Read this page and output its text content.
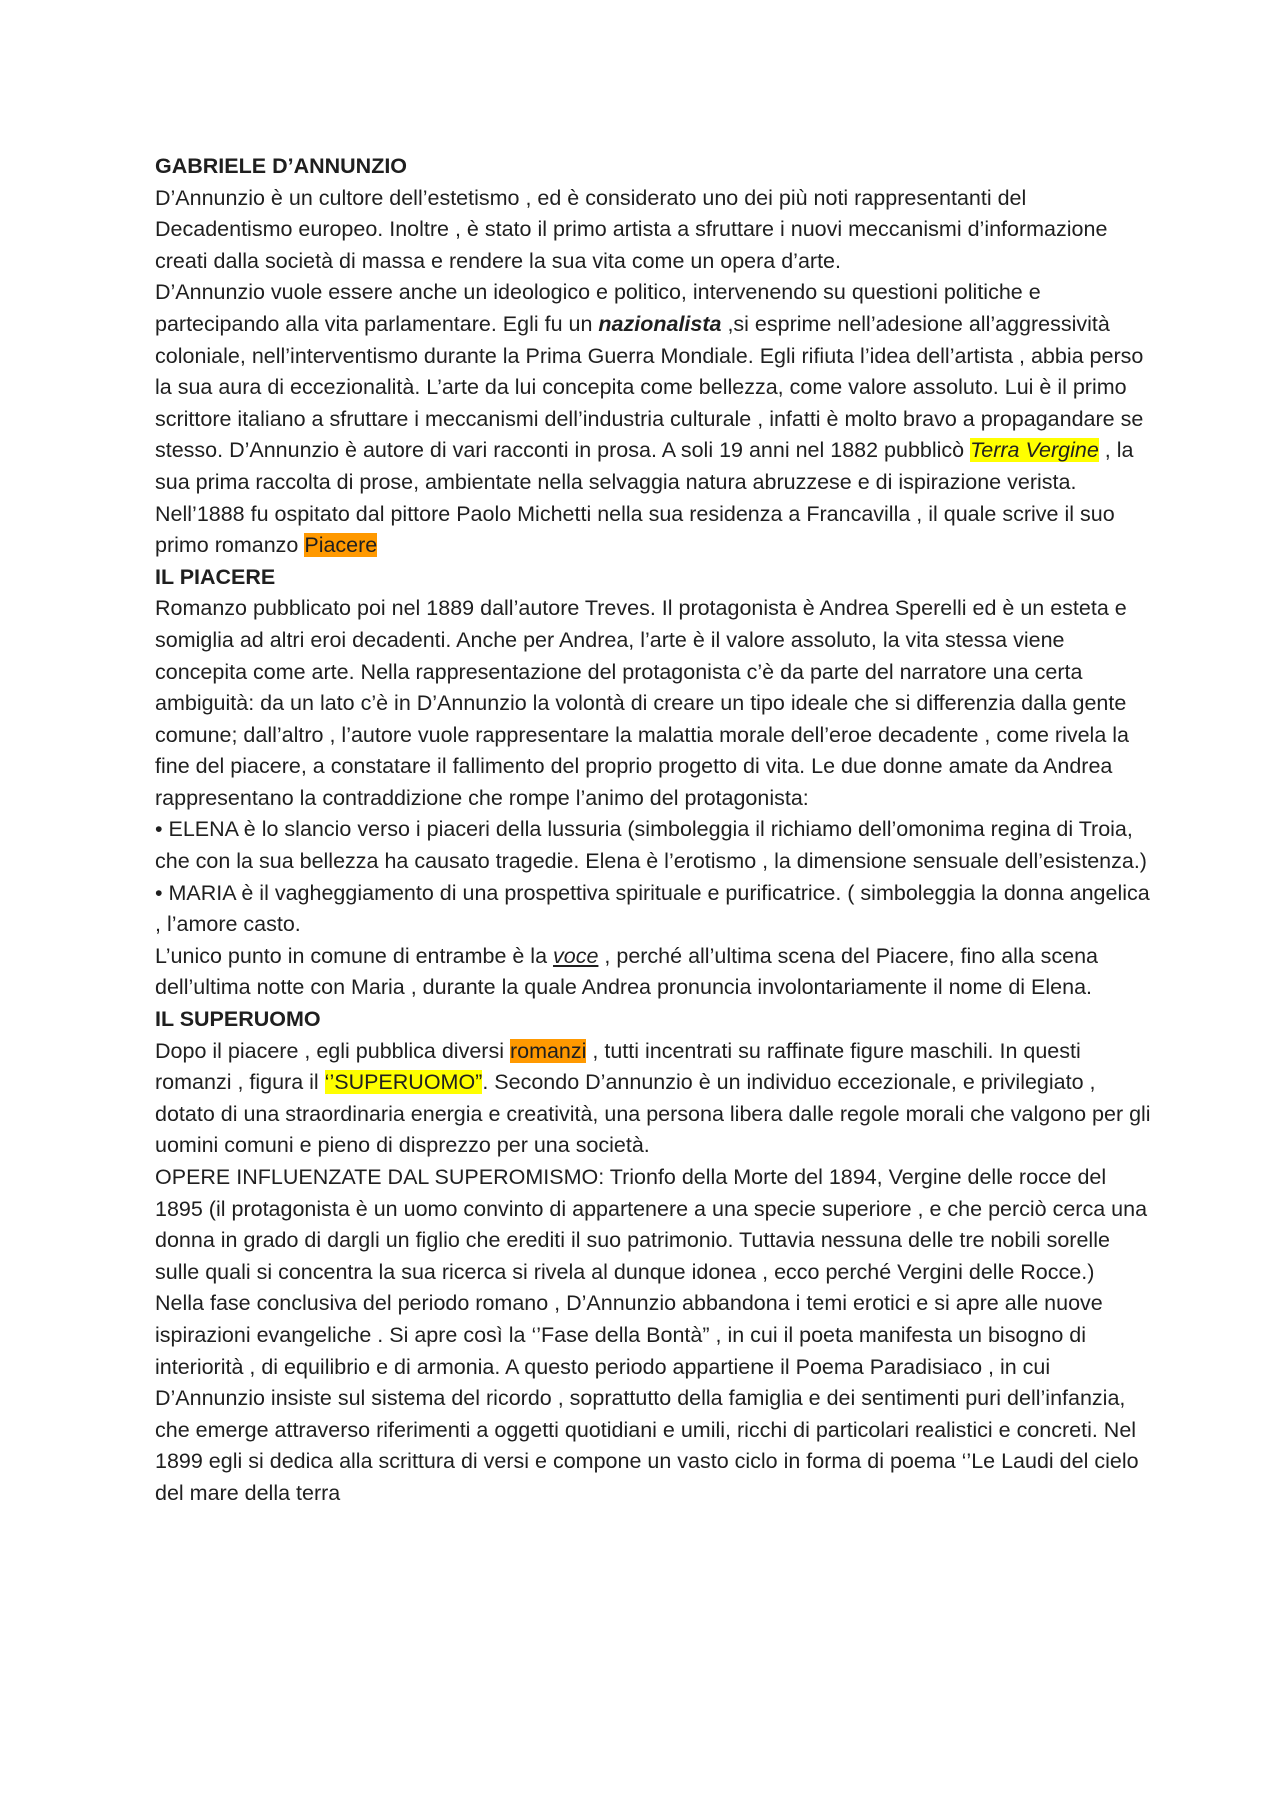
GABRIELE D’ANNUNZIO
D’Annunzio è un cultore dell’estetismo , ed è considerato uno dei più noti rappresentanti del Decadentismo europeo. Inoltre , è stato il primo artista a sfruttare i nuovi meccanismi d’informazione creati dalla società di massa e rendere la sua vita come un opera d’arte.
D’Annunzio vuole essere anche un ideologico e politico, intervenendo su questioni politiche e partecipando alla vita parlamentare. Egli fu un nazionalista ,si esprime nell’adesione all’aggressività coloniale, nell’interventismo durante la Prima Guerra Mondiale. Egli rifiuta l’idea dell’artista , abbia perso la sua aura di eccezionalità. L’arte da lui concepita come bellezza, come valore assoluto. Lui è il primo scrittore italiano a sfruttare i meccanismi dell’industria culturale , infatti è molto bravo a propagandare se stesso. D’Annunzio è autore di vari racconti in prosa. A soli 19 anni nel 1882 pubblicò Terra Vergine , la sua prima raccolta di prose, ambientate nella selvaggia natura abruzzese e di ispirazione verista.
Nell’1888 fu ospitato dal pittore Paolo Michetti nella sua residenza a Francavilla , il quale scrive il suo primo romanzo Piacere
IL PIACERE
Romanzo pubblicato poi nel 1889 dall’autore Treves. Il protagonista è Andrea Sperelli ed è un esteta e somiglia ad altri eroi decadenti. Anche per Andrea, l’arte è il valore assoluto, la vita stessa viene concepita come arte. Nella rappresentazione del protagonista c’è da parte del narratore una certa ambiguità: da un lato c’è in D’Annunzio la volontà di creare un tipo ideale che si differenzia dalla gente comune; dall’altro , l’autore vuole rappresentare la malattia morale dell’eroe decadente , come rivela la fine del piacere, a constatare il fallimento del proprio progetto di vita. Le due donne amate da Andrea rappresentano la contraddizione che rompe l’animo del protagonista:
• ELENA è lo slancio verso i piaceri della lussuria (simboleggia il richiamo dell’omonima regina di Troia, che con la sua bellezza ha causato tragedie. Elena è l’erotismo , la dimensione sensuale dell’esistenza.)
• MARIA è il vagheggiamento di una prospettiva spirituale e purificatrice. ( simboleggia la donna angelica , l’amore casto.
L’unico punto in comune di entrambe è la voce , perché all’ultima scena del Piacere, fino alla scena dell’ultima notte con Maria , durante la quale Andrea pronuncia involontariamente il nome di Elena.
IL SUPERUOMO
Dopo il piacere , egli pubblica diversi romanzi , tutti incentrati su raffinate figure maschili. In questi romanzi , figura il ‘’SUPERUOMO”. Secondo D’annunzio è un individuo eccezionale, e privilegiato , dotato di una straordinaria energia e creatività, una persona libera dalle regole morali che valgono per gli uomini comuni e pieno di disprezzo per una società.
OPERE INFLUENZATE DAL SUPEROMISMO: Trionfo della Morte del 1894, Vergine delle rocce del 1895 (il protagonista è un uomo convinto di appartenere a una specie superiore , e che perciò cerca una donna in grado di dargli un figlio che erediti il suo patrimonio. Tuttavia nessuna delle tre nobili sorelle sulle quali si concentra la sua ricerca si rivela al dunque idonea , ecco perché Vergini delle Rocce.)
Nella fase conclusiva del periodo romano , D’Annunzio abbandona i temi erotici e si apre alle nuove ispirazioni evangeliche . Si apre così la ‘’Fase della Bontà” , in cui il poeta manifesta un bisogno di interiorità , di equilibrio e di armonia. A questo periodo appartiene il Poema Paradisiaco , in cui D’Annunzio insiste sul sistema del ricordo , soprattutto della famiglia e dei sentimenti puri dell’infanzia, che emerge attraverso riferimenti a oggetti quotidiani e umili, ricchi di particolari realistici e concreti. Nel 1899 egli si dedica alla scrittura di versi e compone un vasto ciclo in forma di poema ‘’Le Laudi del cielo del mare della terra
